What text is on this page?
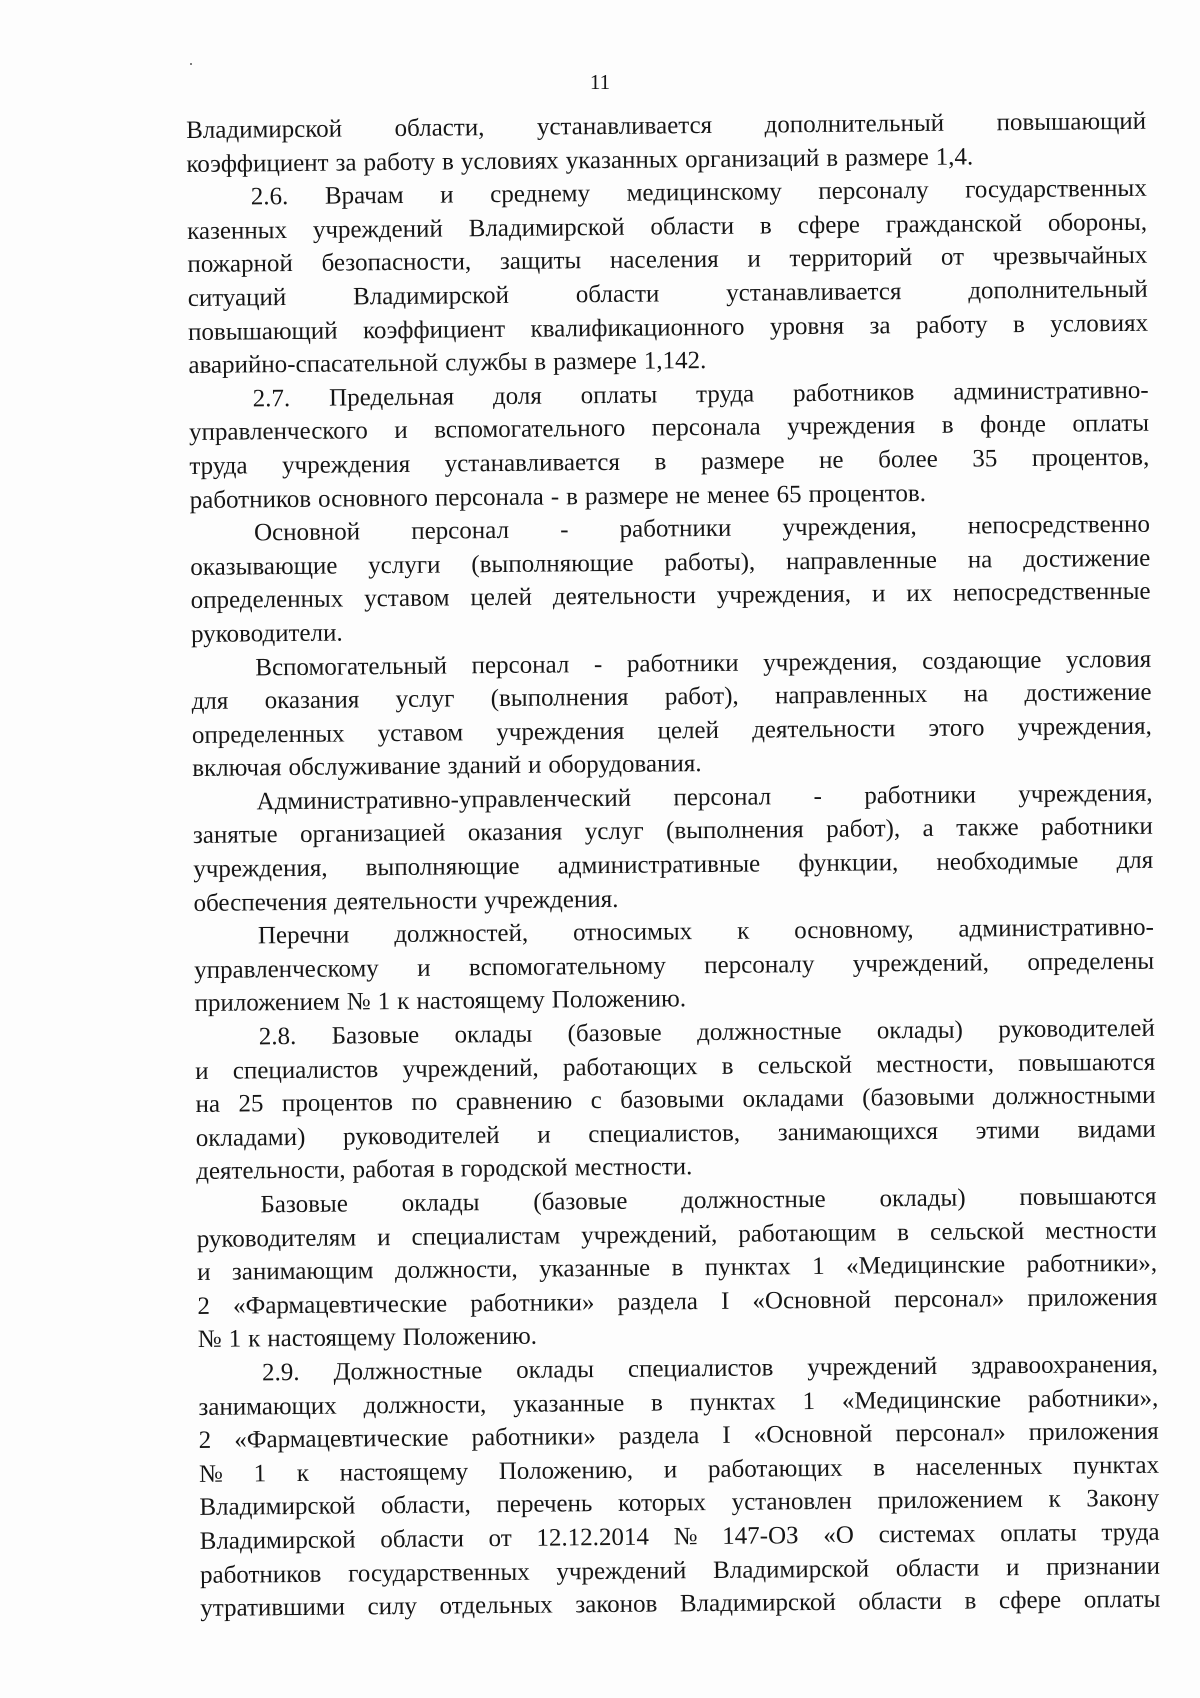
11
Владимирской области, устанавливается дополнительный повышающий
коэффициент за работу в условиях указанных организаций в размере 1,4.
2.6. Врачам и среднему медицинскому персоналу государственных
казенных учреждений Владимирской области в сфере гражданской обороны,
пожарной безопасности, защиты населения и территорий от чрезвычайных
ситуаций	Владимирской	области	устанавливается	дополнительный
повышающий коэффициент квалификационного уровня за работу в условиях
аварийно-спасательной службы в размере 1,142.
2.7. Предельная доля оплаты труда работников административно-
управленческого и вспомогательного персонала учреждения в фонде оплаты
труда учреждения устанавливается в размере не более 35 процентов,
работников основного персонала - в размере не менее 65 процентов.
Основной персонал - работники учреждения, непосредственно
оказывающие услуги (выполняющие работы), направленные на достижение
определенных уставом целей деятельности учреждения, и их непосредственные
руководители.
Вспомогательный персонал - работники учреждения, создающие условия
для оказания услуг (выполнения работ), направленных на достижение
определенных уставом учреждения целей деятельности этого учреждения,
включая обслуживание зданий и оборудования.
Административно-управленческий персонал - работники учреждения,
занятые организацией оказания услуг (выполнения работ), а также работники
учреждения, выполняющие административные функции, необходимые для
обеспечения деятельности учреждения.
Перечни должностей, относимых к основному, административно-
управленческому и вспомогательному персоналу учреждений, определены
приложением № 1 к настоящему Положению.
2.8. Базовые оклады (базовые должностные оклады) руководителей
и специалистов учреждений, работающих в сельской местности, повышаются
на 25 процентов по сравнению с базовыми окладами (базовыми должностными
окладами) руководителей и специалистов, занимающихся этими видами
деятельности, работая в городской местности.
Базовые оклады (базовые должностные оклады) повышаются
руководителям и специалистам учреждений, работающим в сельской местности
и занимающим должности, указанные в пунктах 1 «Медицинские работники»,
2 «Фармацевтические работники» раздела I «Основной персонал» приложения
№ 1 к настоящему Положению.
2.9. Должностные оклады специалистов учреждений здравоохранения,
занимающих должности, указанные в пунктах 1 «Медицинские работники»,
2 «Фармацевтические работники» раздела I «Основной персонал» приложения
№ 1 к настоящему Положению, и работающих в населенных пунктах
Владимирской области, перечень которых установлен приложением к Закону
Владимирской области от 12.12.2014 № 147-ОЗ «О системах оплаты труда
работников государственных учреждений Владимирской области и признании
утратившими силу отдельных законов Владимирской области в сфере оплаты
